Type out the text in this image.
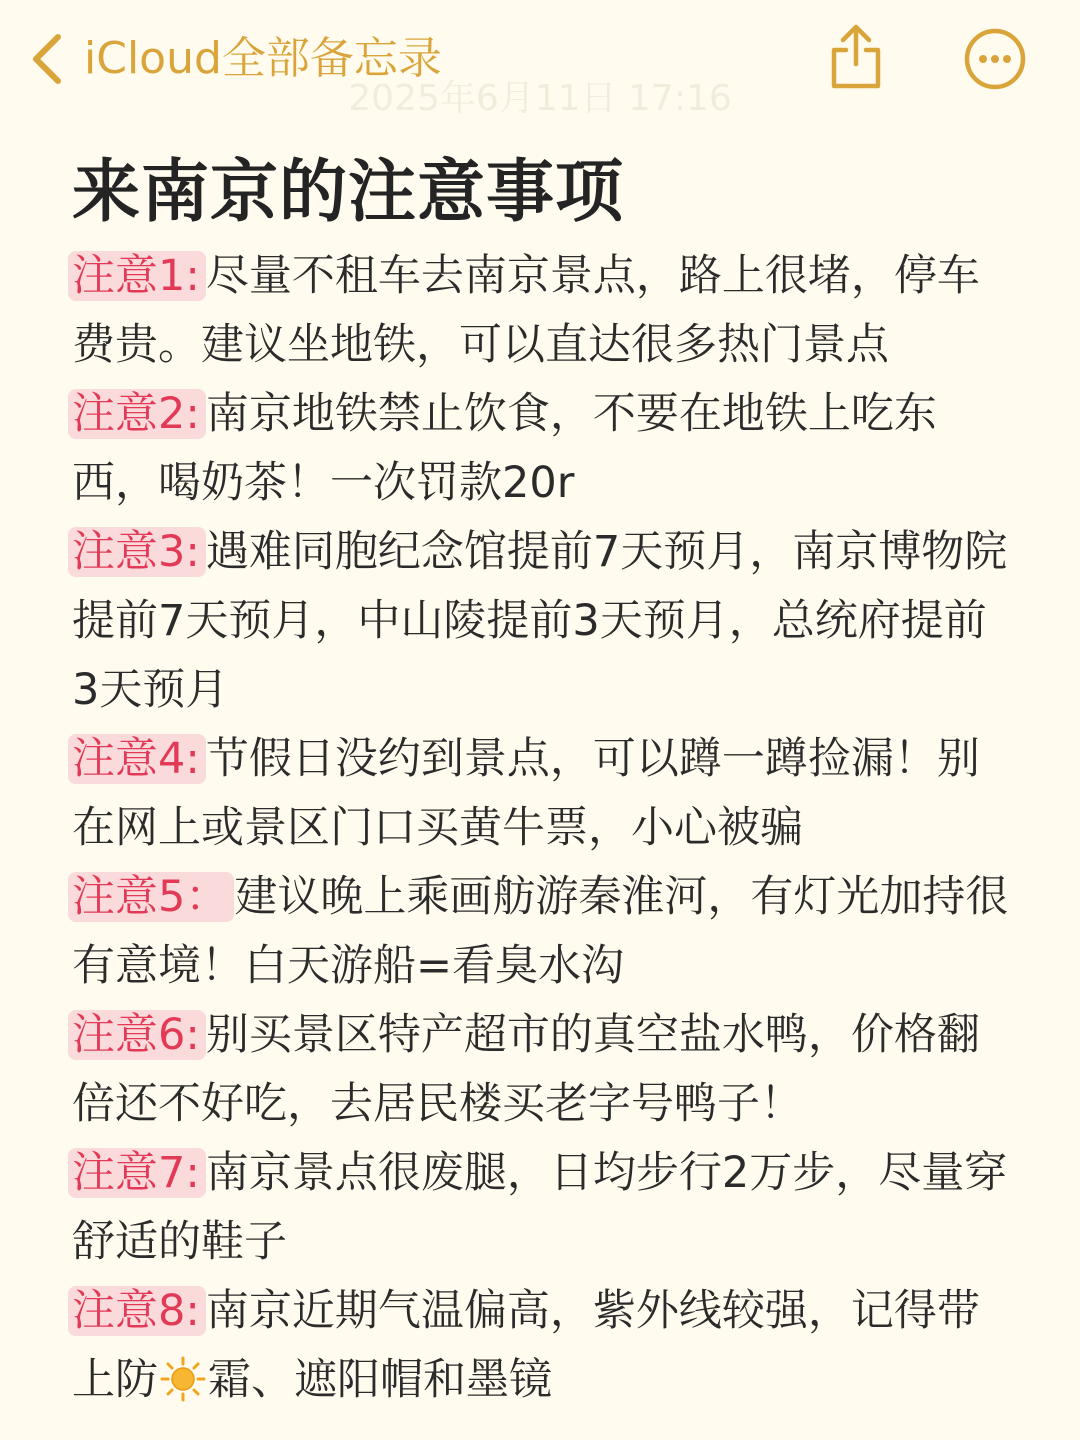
iCloud全部备忘录
2025年6月11日 17:16
来南京的注意事项

注意1: 尽量不租车去南京景点，路上很堵，停车费贵。建议坐地铁，可以直达很多热门景点

注意2: 南京地铁禁止饮食，不要在地铁上吃东西，喝奶茶！一次罚款20r

注意3: 遇难同胞纪念馆提前7天预月，南京博物院提前7天预月，中山陵提前3天预月，总统府提前3天预月

注意4: 节假日没约到景点，可以蹲一蹲捡漏！别在网上或景区门口买黄牛票，小心被骗

注意5： 建议晚上乘画舫游秦淮河，有灯光加持很有意境！白天游船=看臭水沟

注意6: 别买景区特产超市的真空盐水鸭，价格翻倍还不好吃，去居民楼买老字号鸭子！

注意7: 南京景点很废腿，日均步行2万步，尽量穿舒适的鞋子

注意8: 南京近期气温偏高，紫外线较强，记得带上防 霜、遮阳帽和墨镜
